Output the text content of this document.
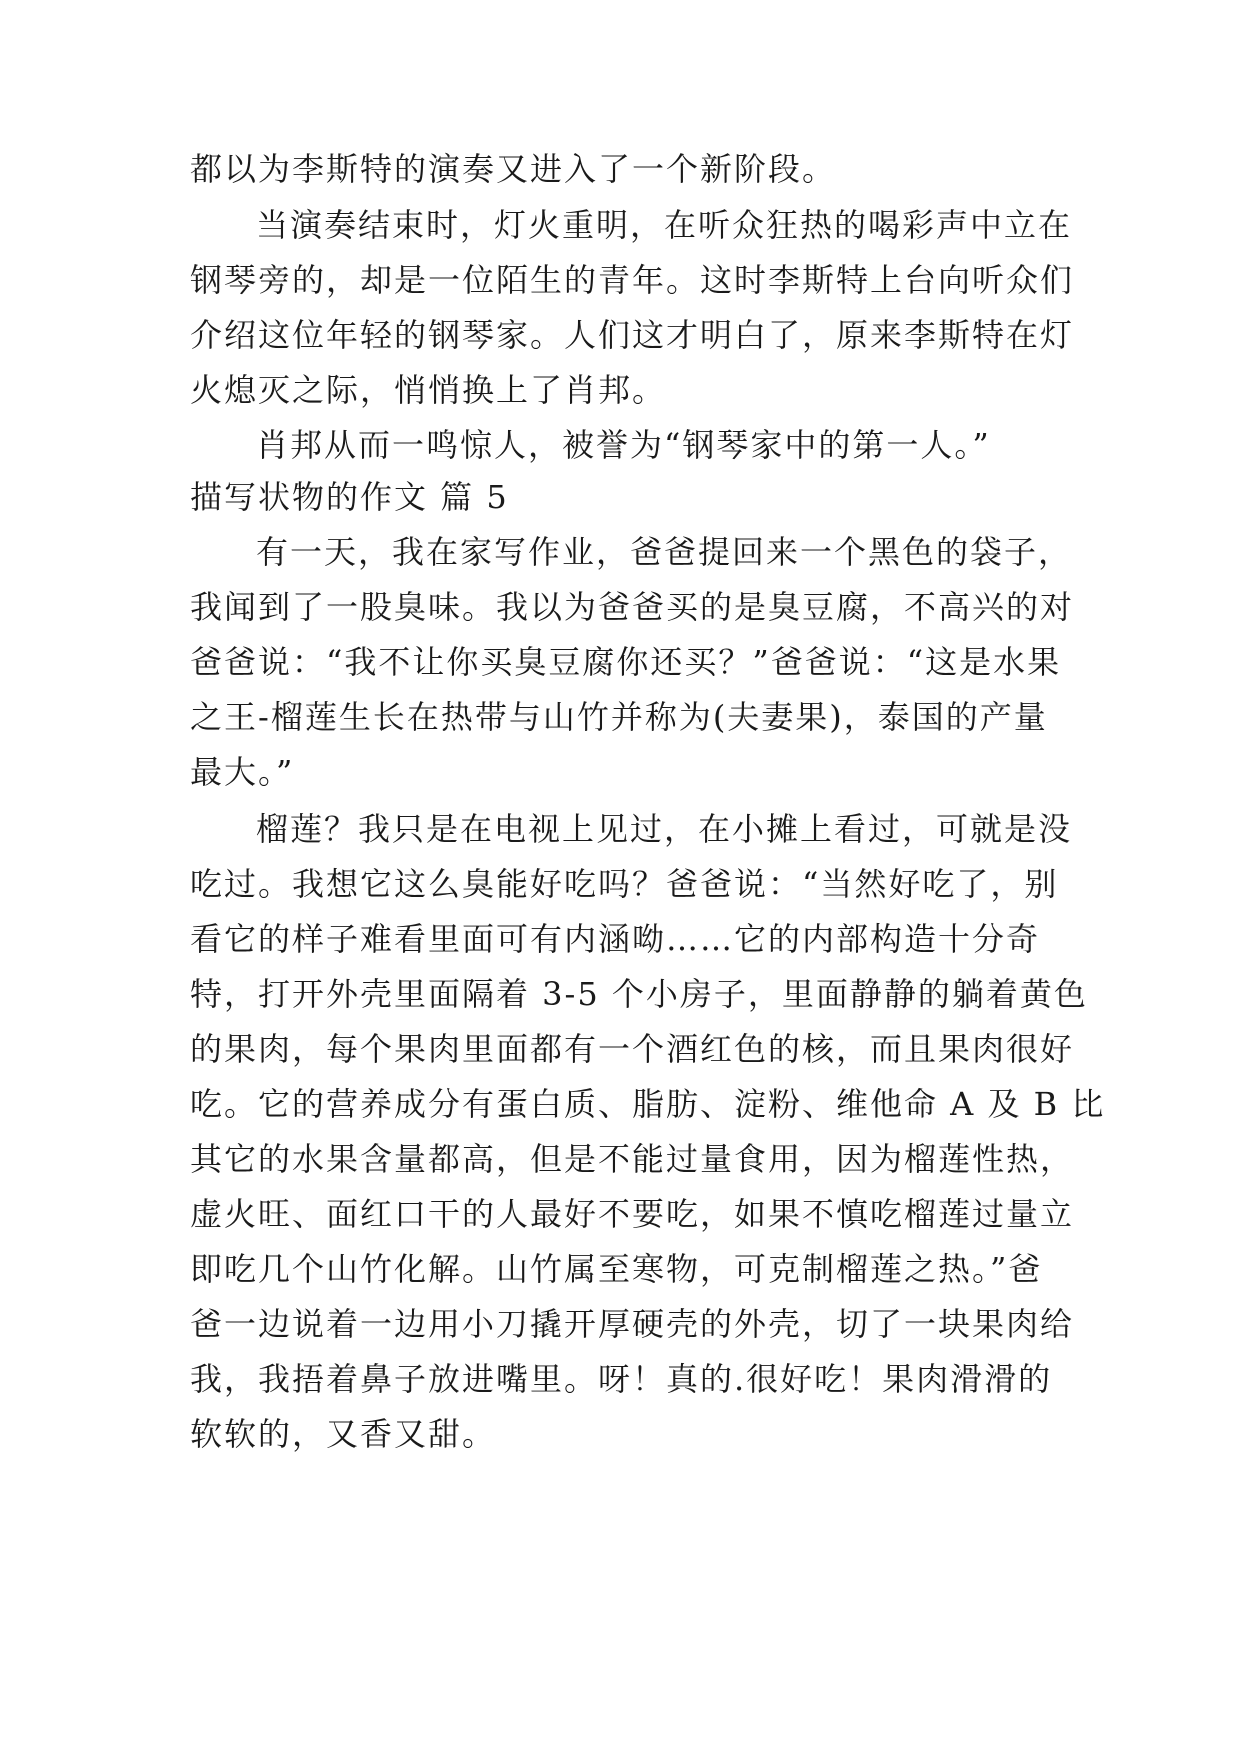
都以为李斯特的演奏又进入了一个新阶段。
当演奏结束时，灯火重明，在听众狂热的喝彩声中立在
钢琴旁的，却是一位陌生的青年。这时李斯特上台向听众们
介绍这位年轻的钢琴家。人们这才明白了，原来李斯特在灯
火熄灭之际，悄悄换上了肖邦。
肖邦从而一鸣惊人，被誉为“钢琴家中的第一人。”
描写状物的作文 篇 5
有一天，我在家写作业，爸爸提回来一个黑色的袋子，
我闻到了一股臭味。我以为爸爸买的是臭豆腐，不高兴的对
爸爸说：“我不让你买臭豆腐你还买？”爸爸说：“这是水果
之王-榴莲生长在热带与山竹并称为(夫妻果)，泰国的产量
最大。”
榴莲？我只是在电视上见过，在小摊上看过，可就是没
吃过。我想它这么臭能好吃吗？爸爸说：“当然好吃了，别
看它的样子难看里面可有内涵呦……它的内部构造十分奇
特，打开外壳里面隔着 3-5 个小房子，里面静静的躺着黄色
的果肉，每个果肉里面都有一个酒红色的核，而且果肉很好
吃。它的营养成分有蛋白质、脂肪、淀粉、维他命 A 及 B 比
其它的水果含量都高，但是不能过量食用，因为榴莲性热，
虚火旺、面红口干的人最好不要吃，如果不慎吃榴莲过量立
即吃几个山竹化解。山竹属至寒物，可克制榴莲之热。”爸
爸一边说着一边用小刀撬开厚硬壳的外壳，切了一块果肉给
我，我捂着鼻子放进嘴里。呀！真的.很好吃！果肉滑滑的
软软的，又香又甜。
